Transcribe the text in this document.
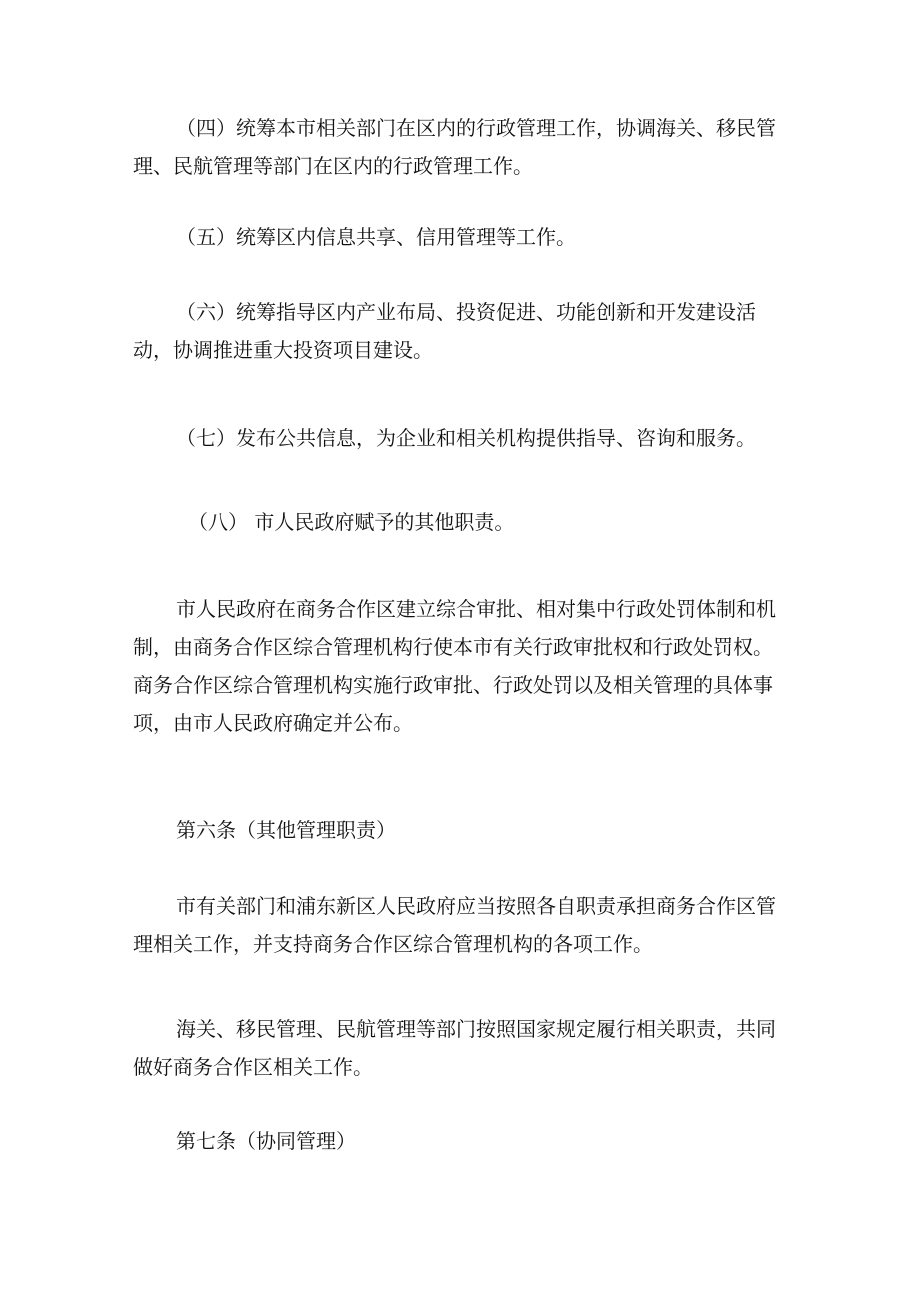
（四）统筹本市相关部门在区内的行政管理工作，协调海关、移民管理、民航管理等部门在区内的行政管理工作。

（五）统筹区内信息共享、信用管理等工作。

（六）统筹指导区内产业布局、投资促进、功能创新和开发建设活动，协调推进重大投资项目建设。

（七）发布公共信息，为企业和相关机构提供指导、咨询和服务。

（八） 市人民政府赋予的其他职责。

市人民政府在商务合作区建立综合审批、相对集中行政处罚体制和机制，由商务合作区综合管理机构行使本市有关行政审批权和行政处罚权。商务合作区综合管理机构实施行政审批、行政处罚以及相关管理的具体事项，由市人民政府确定并公布。

第六条（其他管理职责）

市有关部门和浦东新区人民政府应当按照各自职责承担商务合作区管理相关工作，并支持商务合作区综合管理机构的各项工作。

海关、移民管理、民航管理等部门按照国家规定履行相关职责，共同做好商务合作区相关工作。

第七条（协同管理）
